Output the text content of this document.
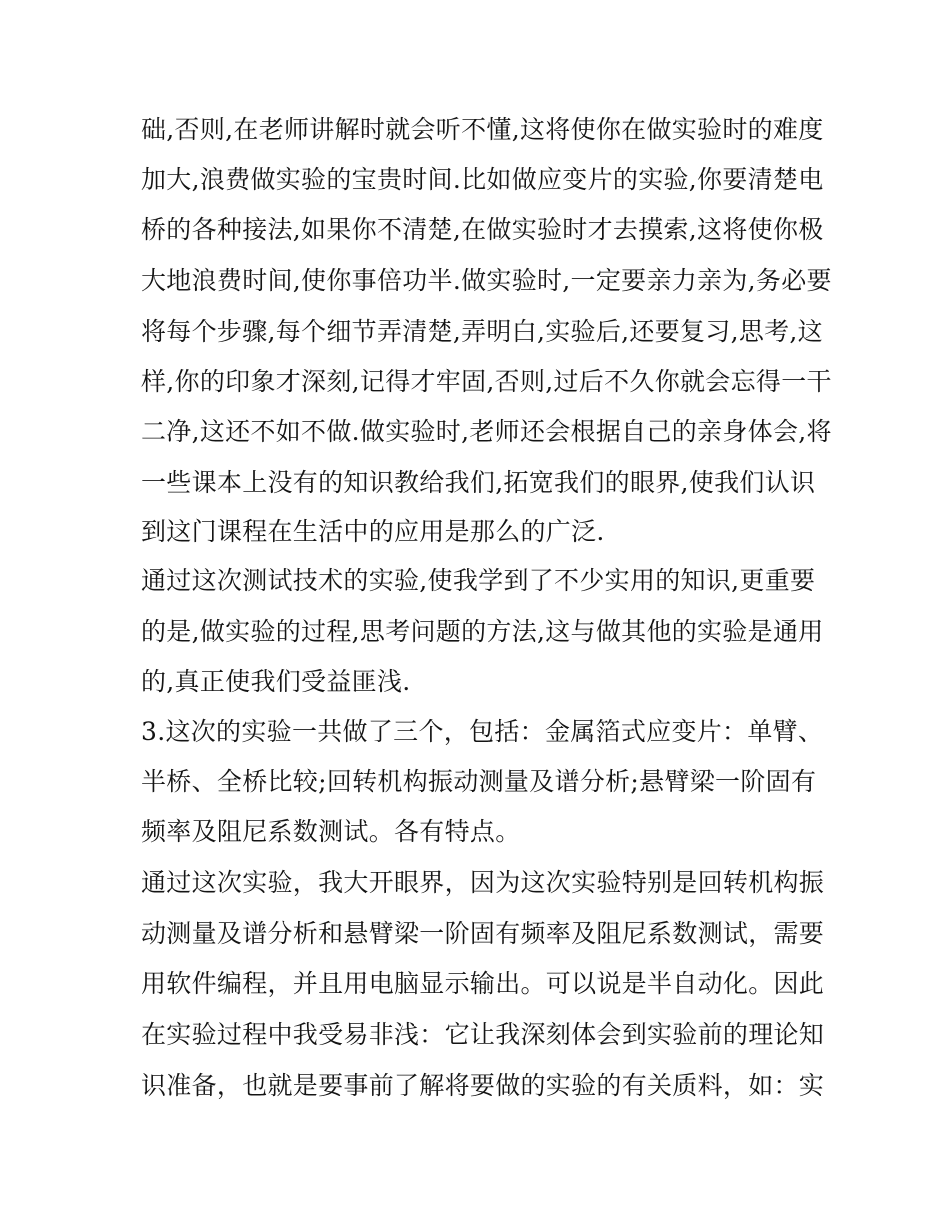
础,否则,在老师讲解时就会听不懂,这将使你在做实验时的难度
加大,浪费做实验的宝贵时间.比如做应变片的实验,你要清楚电
桥的各种接法,如果你不清楚,在做实验时才去摸索,这将使你极
大地浪费时间,使你事倍功半.做实验时,一定要亲力亲为,务必要
将每个步骤,每个细节弄清楚,弄明白,实验后,还要复习,思考,这
样,你的印象才深刻,记得才牢固,否则,过后不久你就会忘得一干
二净,这还不如不做.做实验时,老师还会根据自己的亲身体会,将
一些课本上没有的知识教给我们,拓宽我们的眼界,使我们认识
到这门课程在生活中的应用是那么的广泛.
通过这次测试技术的实验,使我学到了不少实用的知识,更重要
的是,做实验的过程,思考问题的方法,这与做其他的实验是通用
的,真正使我们受益匪浅.
3.这次的实验一共做了三个，包括：金属箔式应变片：单臂、
半桥、全桥比较;回转机构振动测量及谱分析;悬臂梁一阶固有
频率及阻尼系数测试。各有特点。
通过这次实验，我大开眼界，因为这次实验特别是回转机构振
动测量及谱分析和悬臂梁一阶固有频率及阻尼系数测试，需要
用软件编程，并且用电脑显示输出。可以说是半自动化。因此
在实验过程中我受易非浅：它让我深刻体会到实验前的理论知
识准备，也就是要事前了解将要做的实验的有关质料，如：实
